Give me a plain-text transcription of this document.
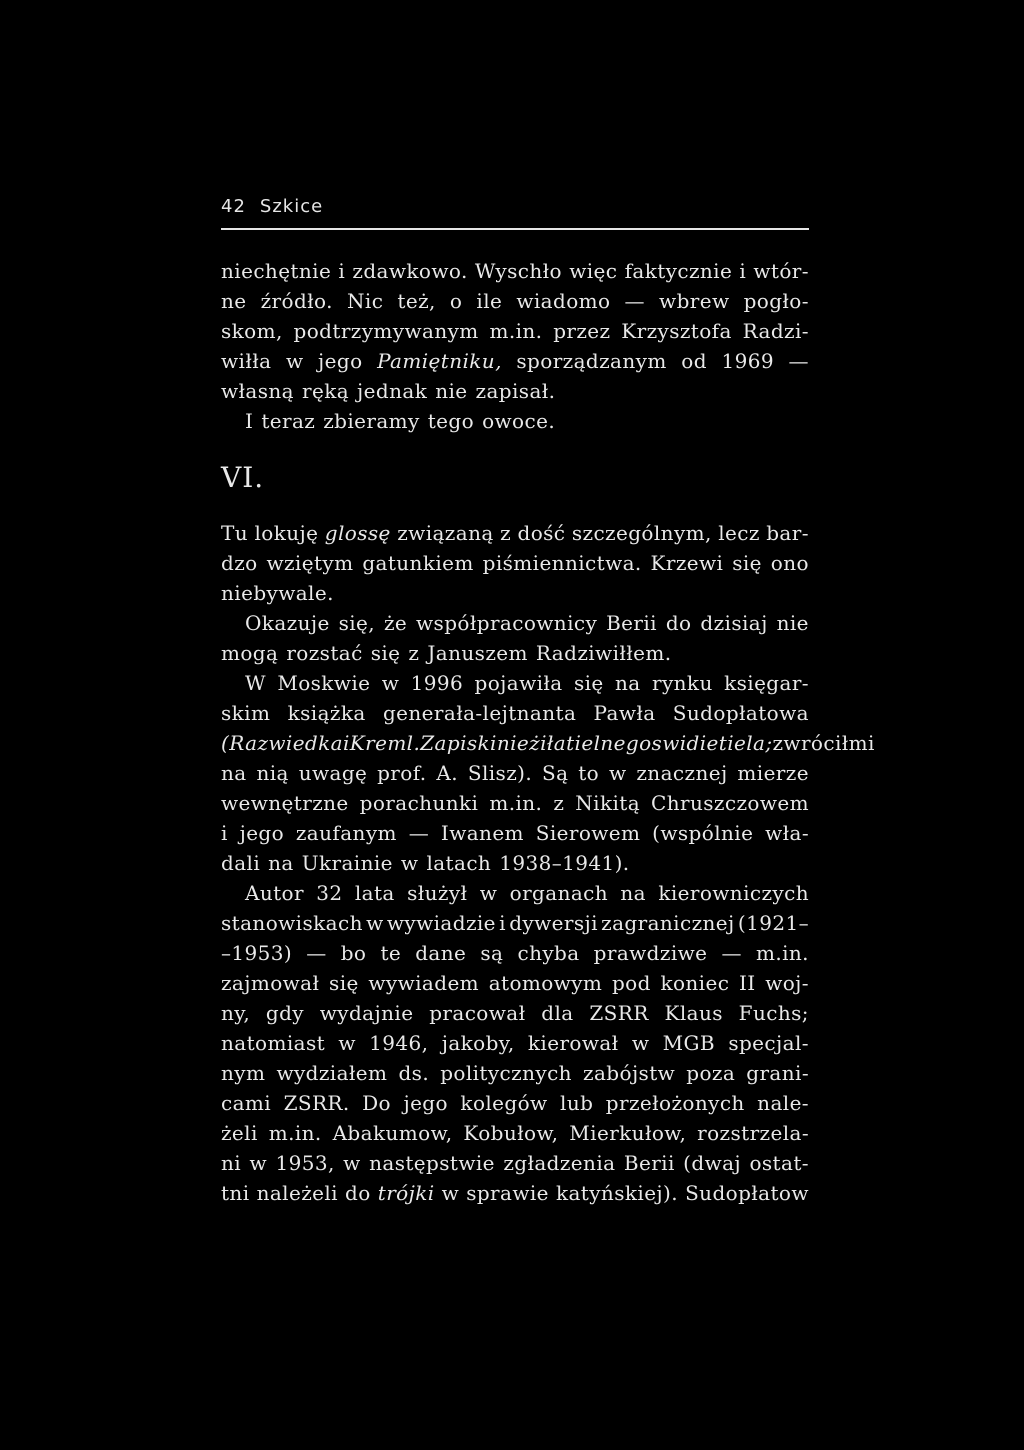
42 Szkice
VI.
niechętnie i zdawkowo. Wyschło więc faktycznie i wtór-
ne źródło. Nic też, o ile wiadomo — wbrew pogło-
skom, podtrzymywanym m.in. przez Krzysztofa Radzi-
wiłła w jego Pamiętniku, sporządzanym od 1969 —
własną ręką jednak nie zapisał.
I teraz zbieramy tego owoce.
Tu lokuję glossę związaną z dość szczególnym, lecz bar-
dzo wziętym gatunkiem piśmiennictwa. Krzewi się ono
niebywale.
Okazuje się, że współpracownicy Berii do dzisiaj nie
mogą rozstać się z Januszem Radziwiłłem.
W Moskwie w 1996 pojawiła się na rynku księgar-
skim książka generała-lejtnanta Pawła Sudopłatowa
(Razwiedka i Kreml. Zapiski nieżiłatielnego swidietiela; zwrócił mi
na nią uwagę prof. A. Slisz). Są to w znacznej mierze
wewnętrzne porachunki m.in. z Nikitą Chruszczowem
i jego zaufanym — Iwanem Sierowem (wspólnie wła-
dali na Ukrainie w latach 1938–1941).
Autor 32 lata służył w organach na kierowniczych
stanowiskach w wywiadzie i dywersji zagranicznej (1921–
–1953) — bo te dane są chyba prawdziwe — m.in.
zajmował się wywiadem atomowym pod koniec II woj-
ny, gdy wydajnie pracował dla ZSRR Klaus Fuchs;
natomiast w 1946, jakoby, kierował w MGB specjal-
nym wydziałem ds. politycznych zabójstw poza grani-
cami ZSRR. Do jego kolegów lub przełożonych nale-
żeli m.in. Abakumow, Kobułow, Mierkułow, rozstrzela-
ni w 1953, w następstwie zgładzenia Berii (dwaj ostat-
tni należeli do trójki w sprawie katyńskiej). Sudopłatow
